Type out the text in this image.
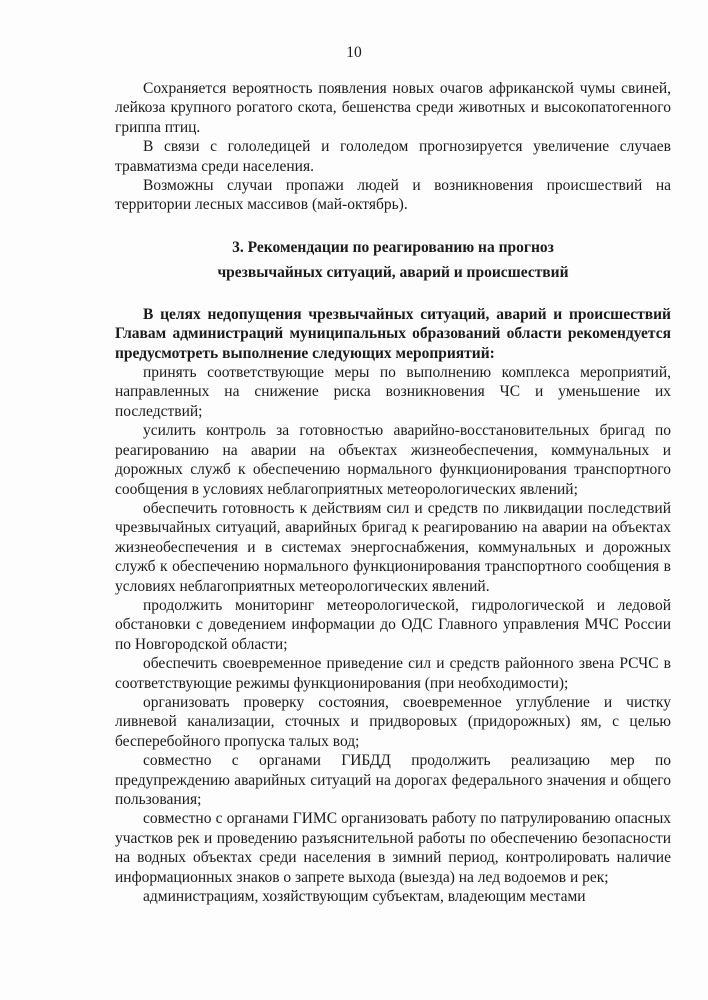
10

Сохраняется вероятность появления новых очагов африканской чумы свиней, лейкоза крупного рогатого скота, бешенства среди животных и высокопатогенного гриппа птиц.

В связи с гололедицей и гололедом прогнозируется увеличение случаев травматизма среди населения.

Возможны случаи пропажи людей и возникновения происшествий на территории лесных массивов (май-октябрь).

3. Рекомендации по реагированию на прогноз
чрезвычайных ситуаций, аварий и происшествий

В целях недопущения чрезвычайных ситуаций, аварий и происшествий Главам администраций муниципальных образований области рекомендуется предусмотреть выполнение следующих мероприятий:

принять соответствующие меры по выполнению комплекса мероприятий, направленных на снижение риска возникновения ЧС и уменьшение их последствий;

усилить контроль за готовностью аварийно-восстановительных бригад по реагированию на аварии на объектах жизнеобеспечения, коммунальных и дорожных служб к обеспечению нормального функционирования транспортного сообщения в условиях неблагоприятных метеорологических явлений;

обеспечить готовность к действиям сил и средств по ликвидации последствий чрезвычайных ситуаций, аварийных бригад к реагированию на аварии на объектах жизнеобеспечения и в системах энергоснабжения, коммунальных и дорожных служб к обеспечению нормального функционирования транспортного сообщения в условиях неблагоприятных метеорологических явлений.

продолжить мониторинг метеорологической, гидрологической и ледовой обстановки с доведением информации до ОДС Главного управления МЧС России по Новгородской области;

обеспечить своевременное приведение сил и средств районного звена РСЧС в соответствующие режимы функционирования (при необходимости);

организовать проверку состояния, своевременное углубление и чистку ливневой канализации, сточных и придворовых (придорожных) ям, с целью бесперебойного пропуска талых вод;

совместно с органами ГИБДД продолжить реализацию мер по предупреждению аварийных ситуаций на дорогах федерального значения и общего пользования;

совместно с органами ГИМС организовать работу по патрулированию опасных участков рек и проведению разъяснительной работы по обеспечению безопасности на водных объектах среди населения в зимний период, контролировать наличие информационных знаков о запрете выхода (выезда) на лед водоемов и рек;

администрациям, хозяйствующим субъектам, владеющим местами
